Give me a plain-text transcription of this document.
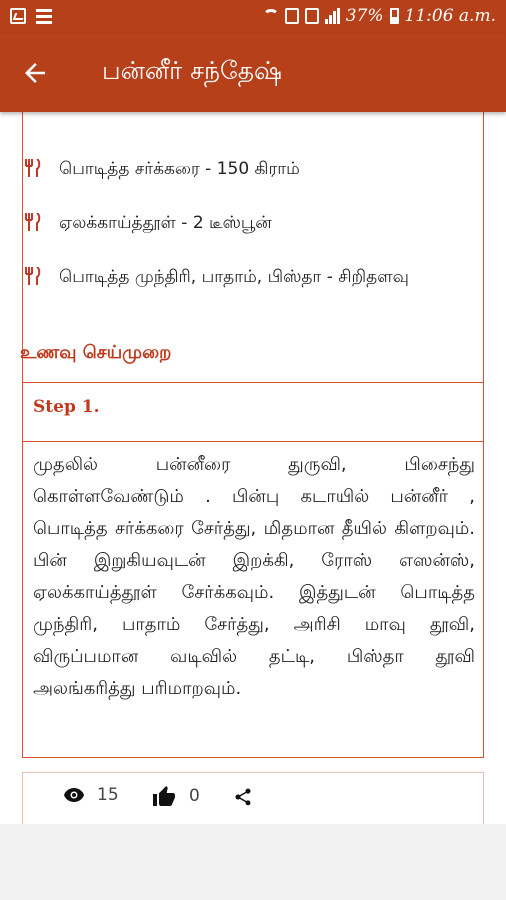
37% 11:06 a.m.
பன்னீர் சந்தேஷ்
பொடித்த சர்க்கரை - 150 கிராம்
ஏலக்காய்த்தூள் - 2 டீஸ்பூன்
பொடித்த முந்திரி, பாதாம், பிஸ்தா - சிறிதளவு
உணவு செய்முறை
Step 1.
முதலில் பன்னீரை துருவி, பிசைந்து கொள்ளவேண்டும் . பின்பு கடாயில் பன்னீர் , பொடித்த சர்க்கரை சேர்த்து, மிதமான தீயில் கிளறவும். பின் இறுகியவுடன் இறக்கி, ரோஸ் எஸன்ஸ், ஏலக்காய்த்தூள் சேர்க்கவும். இத்துடன் பொடித்த முந்திரி, பாதாம் சேர்த்து, அரிசி மாவு தூவி, விருப்பமான வடிவில் தட்டி, பிஸ்தா தூவி அலங்கரித்து பரிமாறவும்.
15	0
